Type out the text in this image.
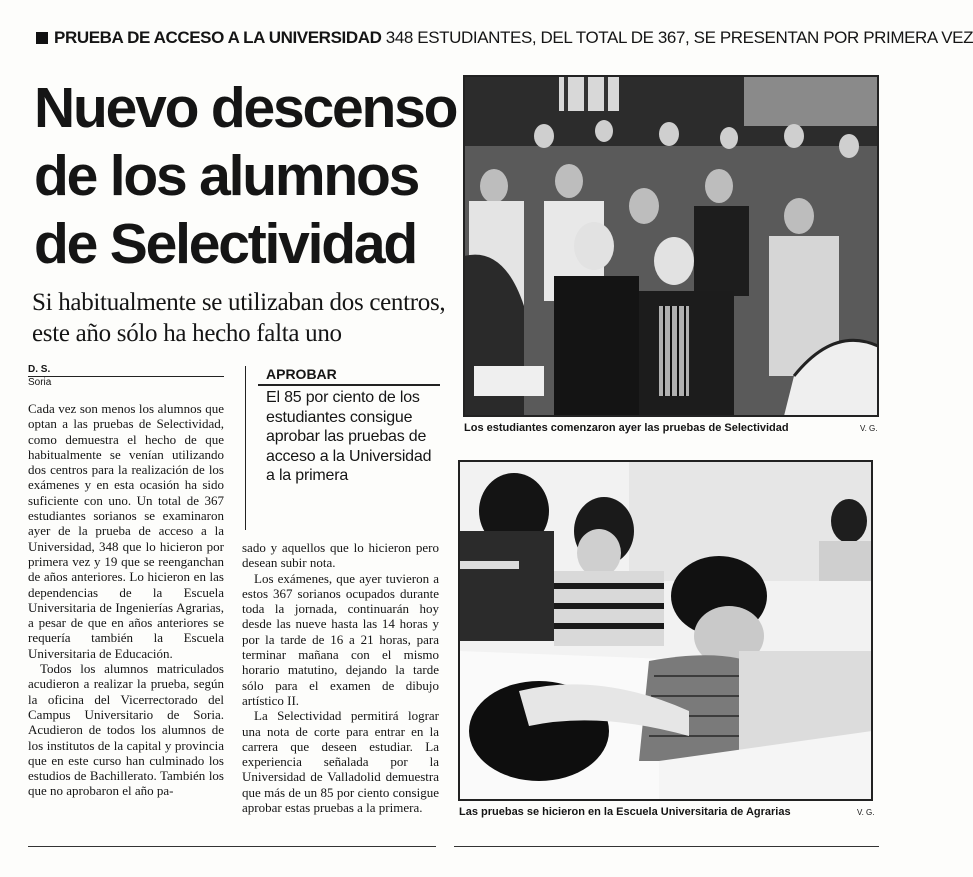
PRUEBA DE ACCESO A LA UNIVERSIDAD 348 ESTUDIANTES, DEL TOTAL DE 367, SE PRESENTAN POR PRIMERA VEZ
Nuevo descenso
de los alumnos
de Selectividad
Si habitualmente se utilizaban dos centros, este año sólo ha hecho falta uno
D. S.
Soria

Cada vez son menos los alumnos que optan a las pruebas de Selectividad, como demuestra el hecho de que habitualmente se venían utilizando dos centros para la realización de los exámenes y en esta ocasión ha sido suficiente con uno. Un total de 367 estudiantes sorianos se examinaron ayer de la prueba de acceso a la Universidad, 348 que lo hicieron por primera vez y 19 que se reenganchan de años anteriores. Lo hicieron en las dependencias de la Escuela Universitaria de Ingenierías Agrarias, a pesar de que en años anteriores se requería también la Escuela Universitaria de Educación.

Todos los alumnos matriculados acudieron a realizar la prueba, según la oficina del Vicerrectorado del Campus Universitario de Soria. Acudieron de todos los alumnos de los institutos de la capital y provincia que en este curso han culminado los estudios de Bachillerato. También los que no aprobaron el año pa-

APROBAR
El 85 por ciento de los estudiantes consigue aprobar las pruebas de acceso a la Universidad a la primera

sado y aquellos que lo hicieron pero desean subir nota.

Los exámenes, que ayer tuvieron a estos 367 sorianos ocupados durante toda la jornada, continuarán hoy desde las nueve hasta las 14 horas y por la tarde de 16 a 21 horas, para terminar mañana con el mismo horario matutino, dejando la tarde sólo para el examen de dibujo artístico II.

La Selectividad permitirá lograr una nota de corte para entrar en la carrera que deseen estudiar. La experiencia señalada por la Universidad de Valladolid demuestra que más de un 85 por ciento consigue aprobar estas pruebas a la primera.

Los estudiantes comenzaron ayer las pruebas de Selectividad	V. G.
Las pruebas se hicieron en la Escuela Universitaria de Agrarias	V. G.
